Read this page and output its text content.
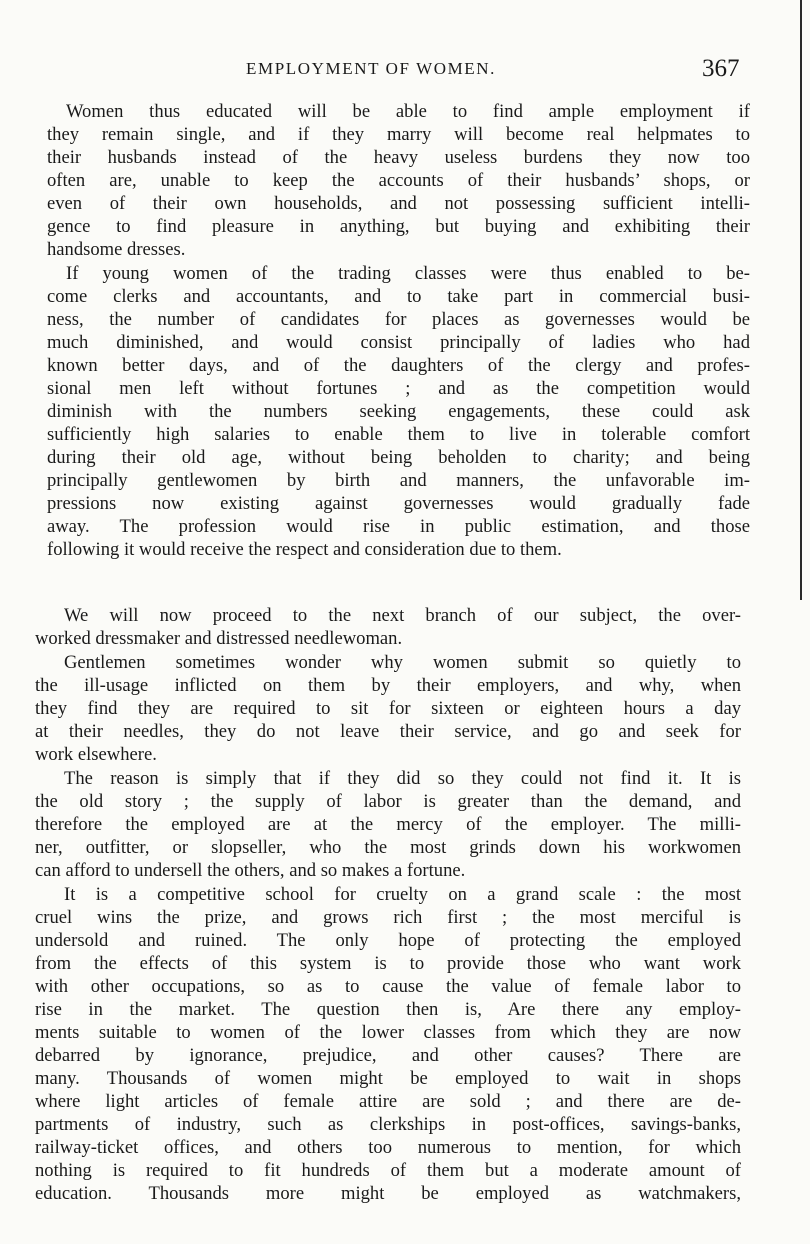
EMPLOYMENT OF WOMEN.	367
Women thus educated will be able to find ample employment if
they remain single, and if they marry will become real helpmates to
their husbands instead of the heavy useless burdens they now too
often are, unable to keep the accounts of their husbands’ shops, or
even of their own households, and not possessing sufficient intelli-
gence to find pleasure in anything, but buying and exhibiting their
handsome dresses.
If young women of the trading classes were thus enabled to be-
come clerks and accountants, and to take part in commercial busi-
ness, the number of candidates for places as governesses would be
much diminished, and would consist principally of ladies who had
known better days, and of the daughters of the clergy and profes-
sional men left without fortunes ; and as the competition would
diminish with the numbers seeking engagements, these could ask
sufficiently high salaries to enable them to live in tolerable comfort
during their old age, without being beholden to charity; and being
principally gentlewomen by birth and manners, the unfavorable im-
pressions now existing against governesses would gradually fade
away. The profession would rise in public estimation, and those
following it would receive the respect and consideration due to them.
We will now proceed to the next branch of our subject, the over-
worked dressmaker and distressed needlewoman.
Gentlemen sometimes wonder why women submit so quietly to
the ill-usage inflicted on them by their employers, and why, when
they find they are required to sit for sixteen or eighteen hours a day
at their needles, they do not leave their service, and go and seek for
work elsewhere.
The reason is simply that if they did so they could not find it. It is
the old story ; the supply of labor is greater than the demand, and
therefore the employed are at the mercy of the employer. The milli-
ner, outfitter, or slopseller, who the most grinds down his workwomen
can afford to undersell the others, and so makes a fortune.
It is a competitive school for cruelty on a grand scale : the most
cruel wins the prize, and grows rich first ; the most merciful is
undersold and ruined. The only hope of protecting the employed
from the effects of this system is to provide those who want work
with other occupations, so as to cause the value of female labor to
rise in the market. The question then is, Are there any employ-
ments suitable to women of the lower classes from which they are now
debarred by ignorance, prejudice, and other causes? There are
many. Thousands of women might be employed to wait in shops
where light articles of female attire are sold ; and there are de-
partments of industry, such as clerkships in post-offices, savings-banks,
railway-ticket offices, and others too numerous to mention, for which
nothing is required to fit hundreds of them but a moderate amount of
education. Thousands more might be employed as watchmakers,
